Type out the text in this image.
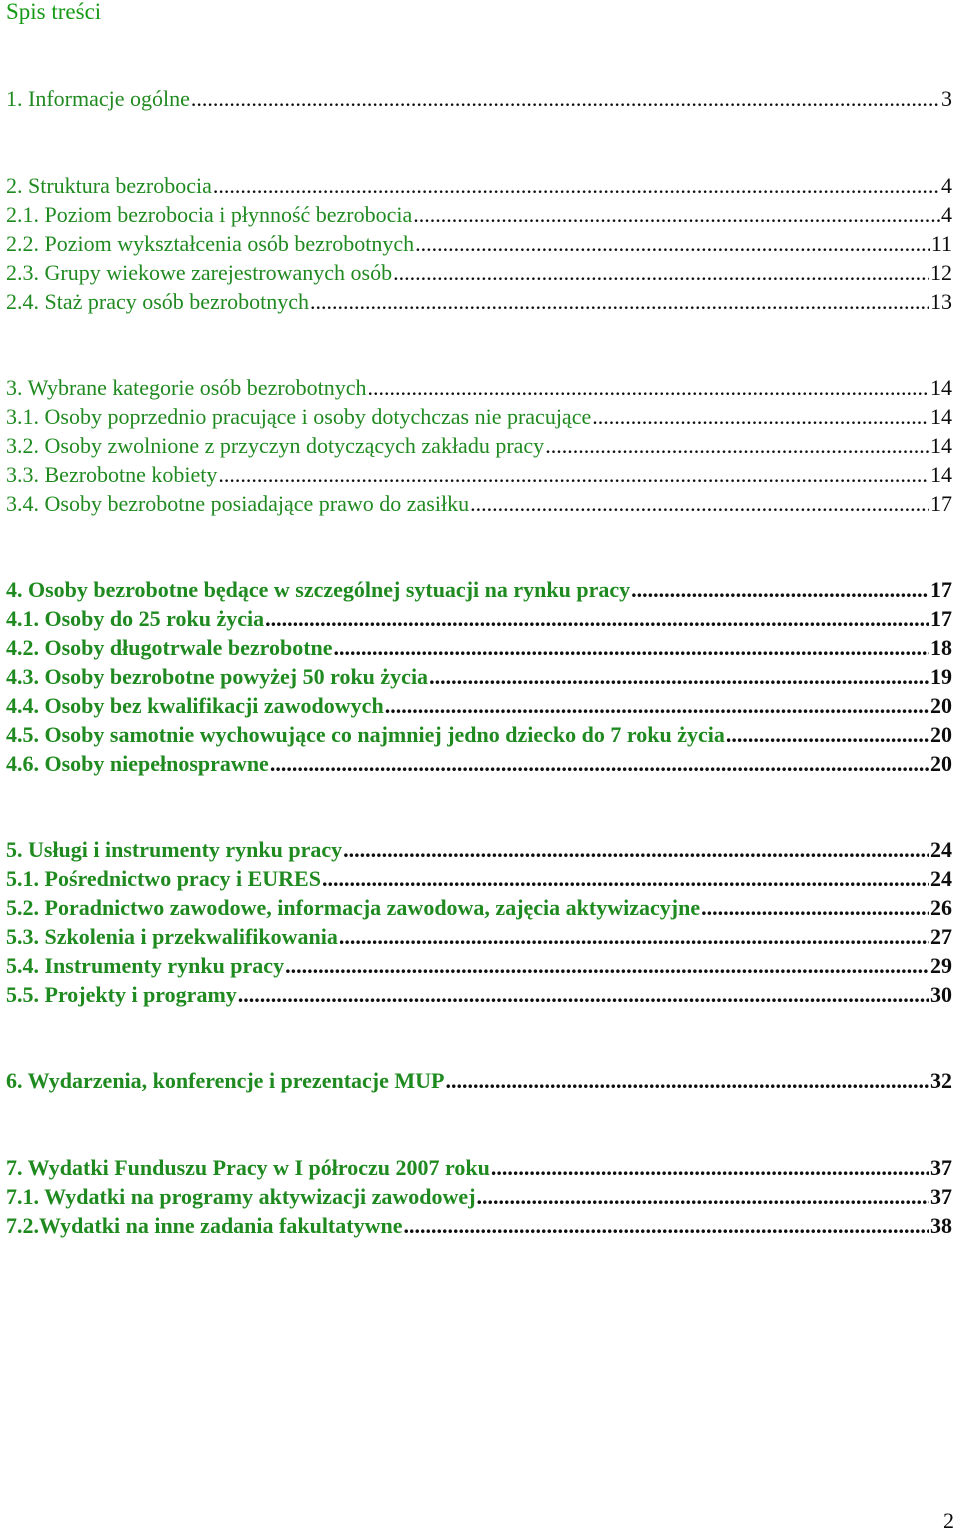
Spis treści
1. Informacje ogólne .....	3
2. Struktura bezrobocia .....	4
2.1. Poziom bezrobocia i płynność bezrobocia .....	4
2.2. Poziom wykształcenia osób bezrobotnych .....	11
2.3. Grupy wiekowe zarejestrowanych osób .....	12
2.4. Staż pracy osób bezrobotnych .....	13
3. Wybrane kategorie osób bezrobotnych .....	14
3.1. Osoby poprzednio pracujące i osoby dotychczas nie pracujące .....	14
3.2. Osoby zwolnione z przyczyn dotyczących zakładu pracy .....	14
3.3. Bezrobotne kobiety .....	14
3.4. Osoby bezrobotne posiadające prawo do zasiłku .....	17
4. Osoby bezrobotne będące w szczególnej sytuacji na rynku pracy .....	17
4.1. Osoby do 25 roku życia .....	17
4.2. Osoby długotrwale bezrobotne .....	18
4.3. Osoby bezrobotne powyżej 50 roku życia .....	19
4.4. Osoby bez kwalifikacji zawodowych .....	20
4.5. Osoby samotnie wychowujące co najmniej jedno dziecko do 7 roku życia .....	20
4.6. Osoby niepełnosprawne .....	20
5. Usługi i instrumenty rynku pracy .....	24
5.1. Pośrednictwo pracy i EURES .....	24
5.2. Poradnictwo zawodowe, informacja zawodowa, zajęcia aktywizacyjne .....	26
5.3. Szkolenia i przekwalifikowania .....	27
5.4. Instrumenty rynku pracy .....	29
5.5. Projekty i programy .....	30
6. Wydarzenia, konferencje i prezentacje MUP .....	32
7. Wydatki Funduszu Pracy w I półroczu 2007 roku .....	37
7.1. Wydatki na programy aktywizacji zawodowej .....	37
7.2.Wydatki na inne zadania fakultatywne .....	38
2
